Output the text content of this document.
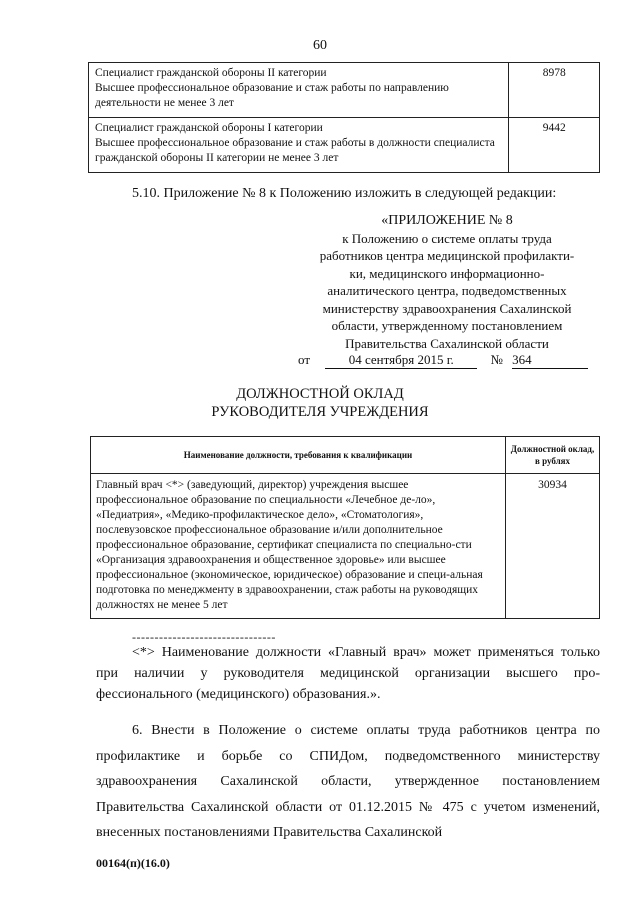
60
Специалист гражданской обороны II категории
Высшее профессиональное образование и стаж работы по направлению деятельности не менее 3 лет	8978

Специалист гражданской обороны I категории
Высшее профессиональное образование и стаж работы в должности специалиста гражданской обороны II категории не менее 3 лет	9442
5.10. Приложение № 8 к Положению изложить в следующей редакции:
«ПРИЛОЖЕНИЕ № 8
к Положению о системе оплаты труда
работников центра медицинской профилакти-
ки, медицинского информационно-
аналитического центра, подведомственных
министерству здравоохранения Сахалинской
области, утвержденному постановлением
Правительства Сахалинской области
от	04 сентября 2015 г.	№ 364
ДОЛЖНОСТНОЙ ОКЛАД
РУКОВОДИТЕЛЯ УЧРЕЖДЕНИЯ
Наименование должности, требования к квалификации	Должностной оклад, в рублях
Главный врач <*> (заведующий, директор) учреждения высшее профессиональное образование по специальности «Лечебное де-ло», «Педиатрия», «Медико-профилактическое дело», «Стоматология», послевузовское профессиональное образование и/или дополнительное профессиональное образование, сертификат специалиста по специально-сти «Организация здравоохранения и общественное здоровье» или высшее профессиональное (экономическое, юридическое) образование и специ-альная подготовка по менеджменту в здравоохранении, стаж работы на руководящих должностях не менее 5 лет	30934
--------------------------------
<*> Наименование должности «Главный врач» может применяться только при наличии у руководителя медицинской организации высшего про-фессионального (медицинского) образования.».
6. Внести в Положение о системе оплаты труда работников центра по профилактике и борьбе со СПИДом, подведомственного министерству здравоохранения Сахалинской области, утвержденное постановлением Правительства Сахалинской области от 01.12.2015 № 475 с учетом изменений, внесенных постановлениями Правительства Сахалинской
00164(п)(16.0)
